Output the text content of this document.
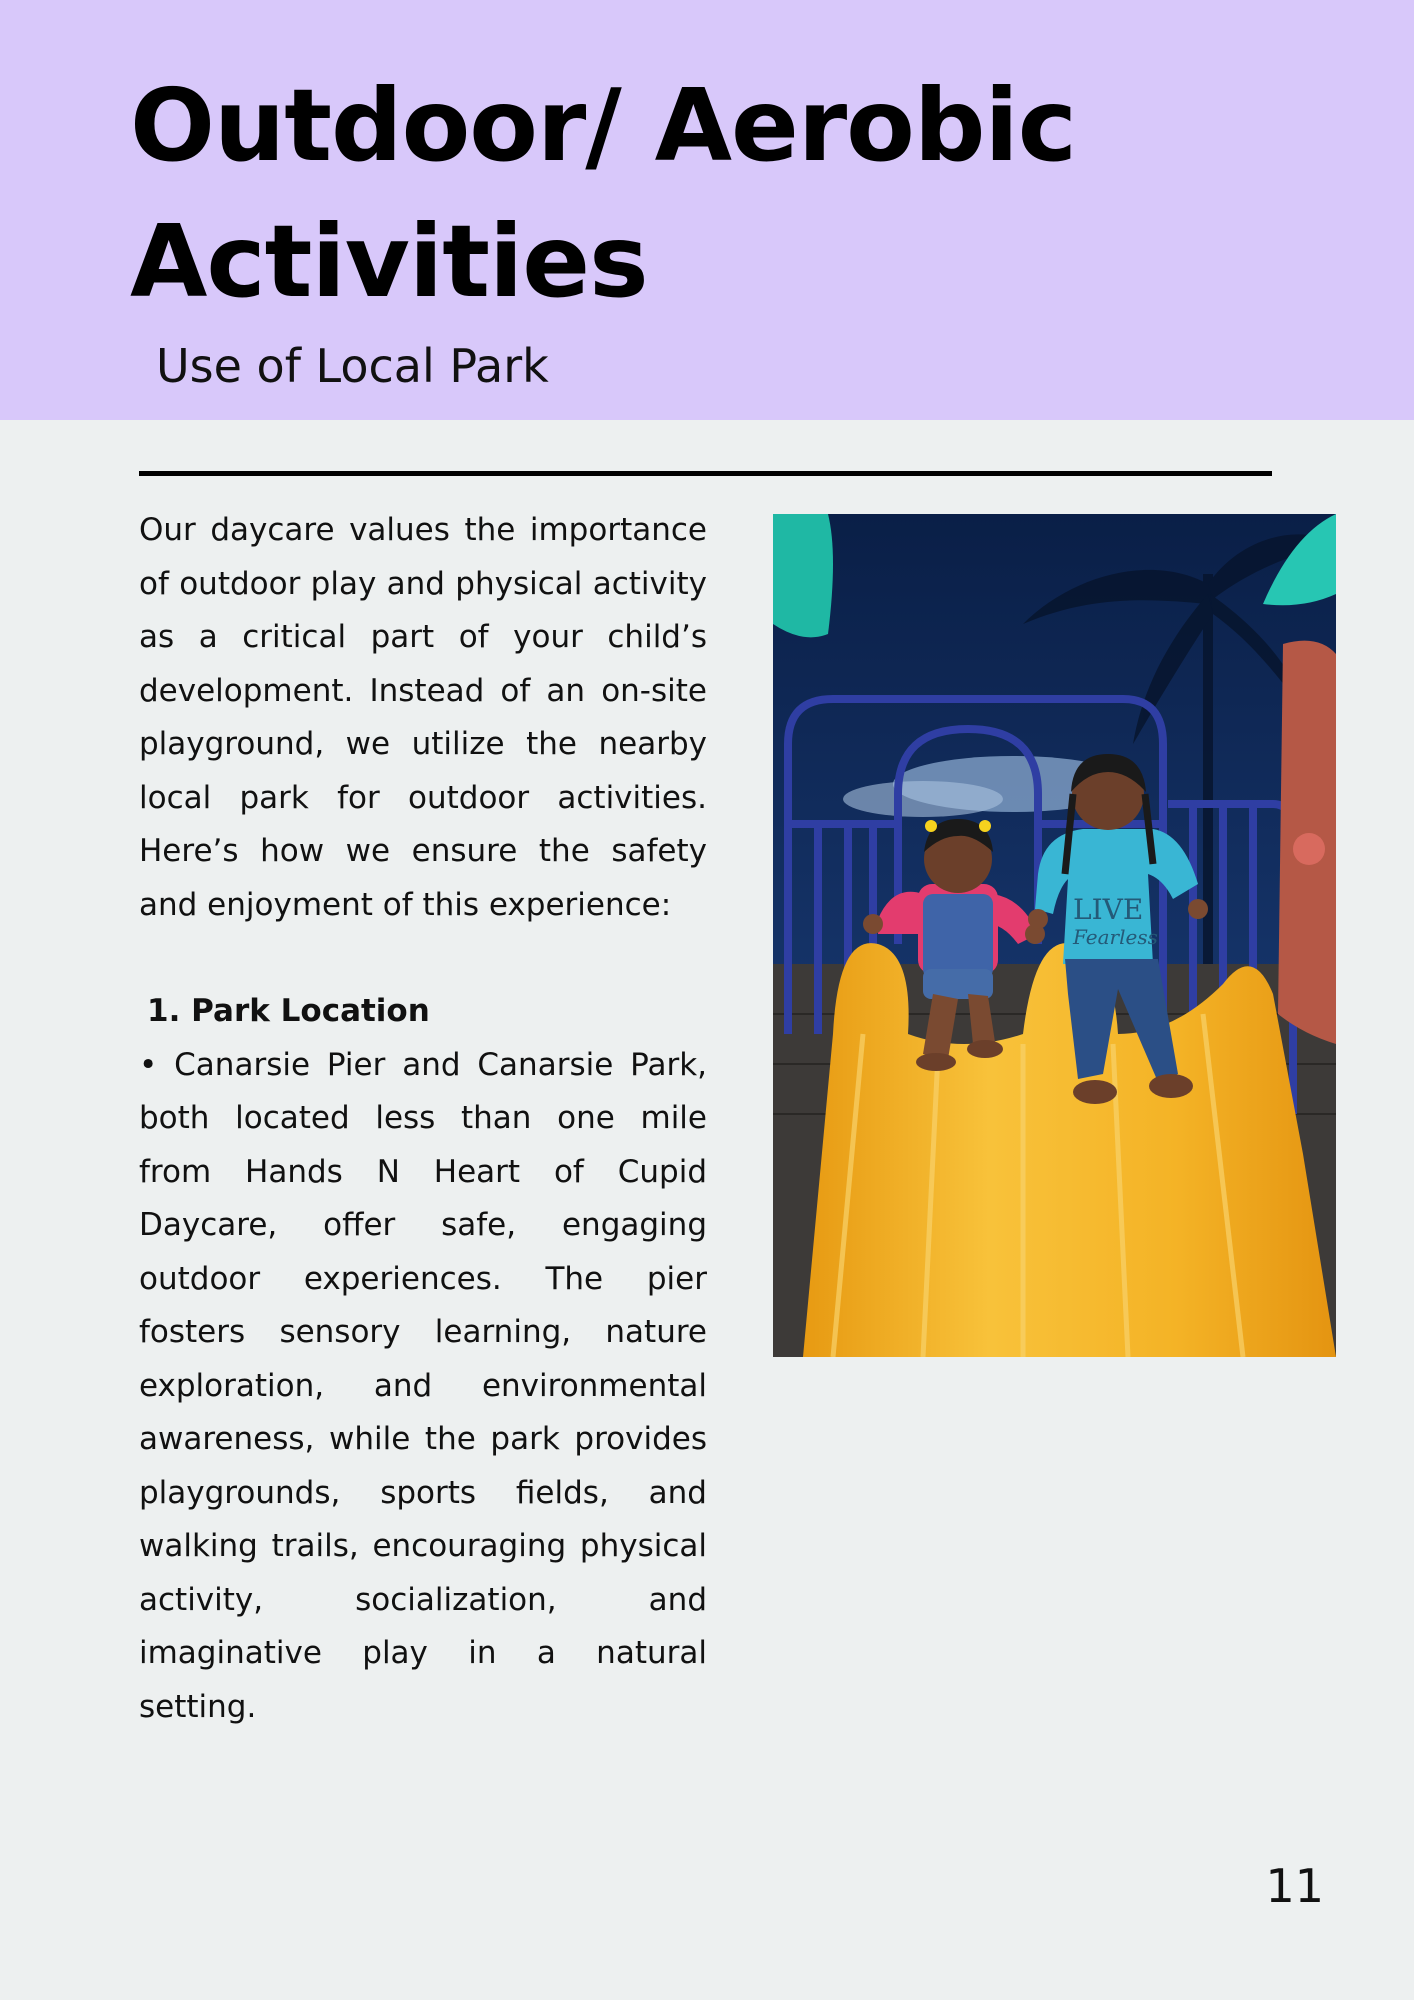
Outdoor/ Aerobic Activities
Use of Local Park

Our daycare values the importance of outdoor play and physical activity as a critical part of your child’s development. Instead of an on-site playground, we utilize the nearby local park for outdoor activities. Here’s how we ensure the safety and enjoyment of this experience:

1. Park Location

• Canarsie Pier and Canarsie Park, both located less than one mile from Hands N Heart of Cupid Daycare, offer safe, engaging outdoor experiences. The pier fosters sensory learning, nature exploration, and environmental awareness, while the park provides playgrounds, sports fields, and walking trails, encouraging physical activity, socialization, and imaginative play in a natural setting.

LIVE
Fearless
11
